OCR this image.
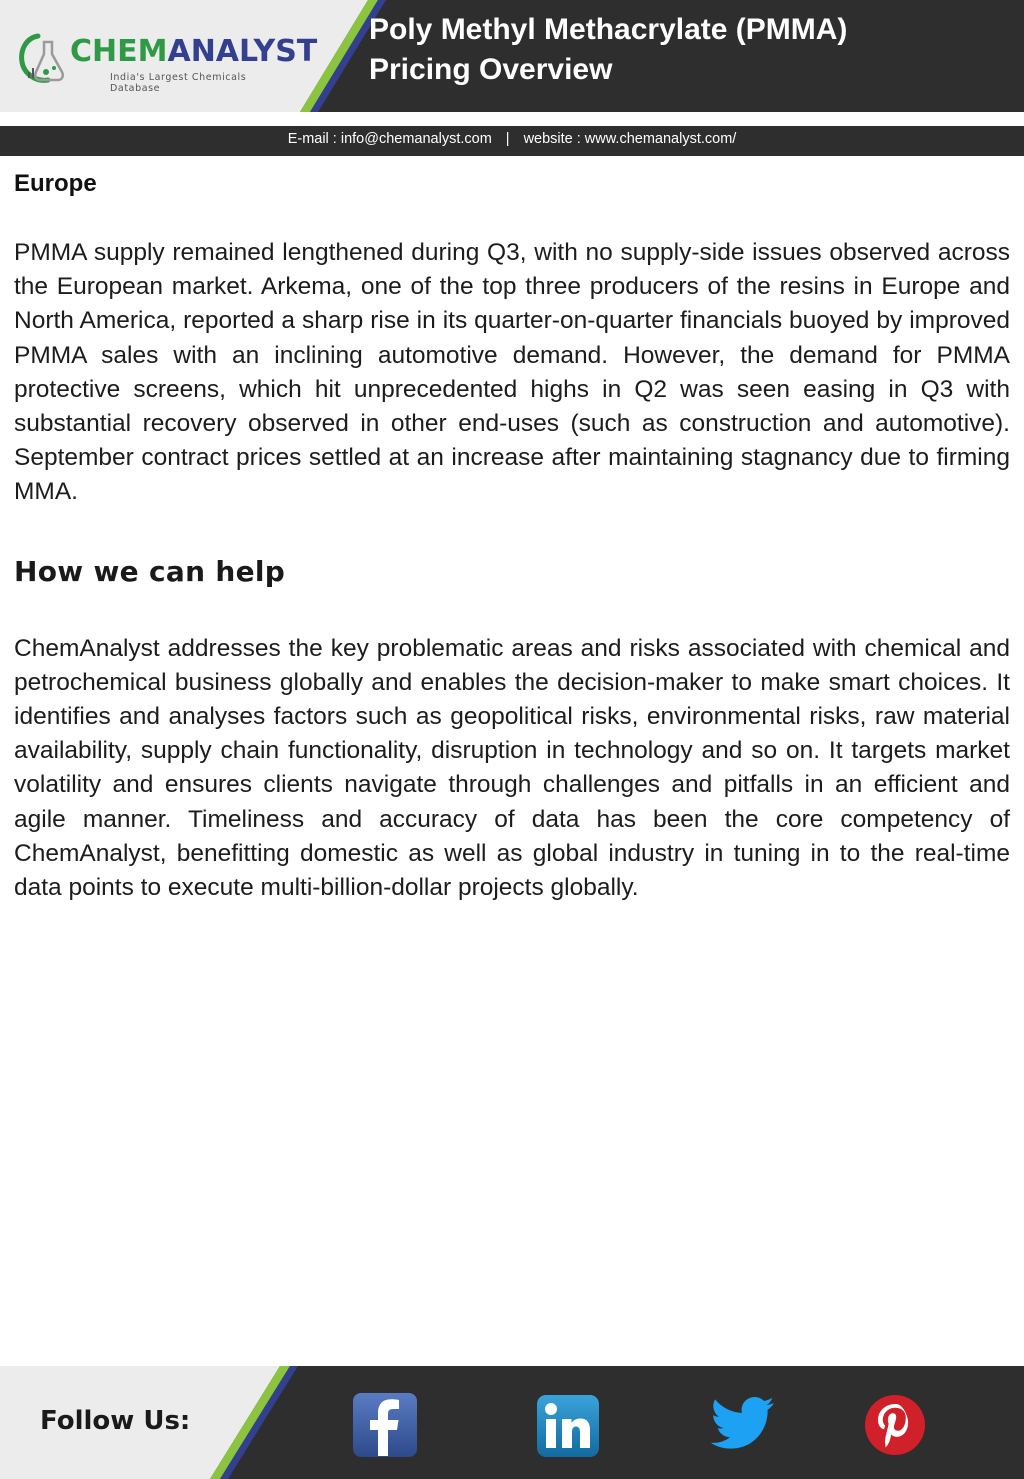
CHEMANALYST
India's Largest Chemicals Database
Poly Methyl Methacrylate (PMMA)
Pricing Overview
E-mail : info@chemanalyst.com | website : www.chemanalyst.com/
Europe

PMMA supply remained lengthened during Q3, with no supply-side issues observed across the European market. Arkema, one of the top three producers of the resins in Europe and North America, reported a sharp rise in its quarter-on-quarter financials buoyed by improved PMMA sales with an inclining automotive demand. However, the demand for PMMA protective screens, which hit unprecedented highs in Q2 was seen easing in Q3 with substantial recovery observed in other end-uses (such as construction and automotive). September contract prices settled at an increase after maintaining stagnancy due to firming MMA.

How we can help

ChemAnalyst addresses the key problematic areas and risks associated with chemical and petrochemical business globally and enables the decision-maker to make smart choices. It identifies and analyses factors such as geopolitical risks, environmental risks, raw material availability, supply chain functionality, disruption in technology and so on. It targets market volatility and ensures clients navigate through challenges and pitfalls in an efficient and agile manner. Timeliness and accuracy of data has been the core competency of ChemAnalyst, benefitting domestic as well as global industry in tuning in to the real-time data points to execute multi-billion-dollar projects globally.

Follow Us:
